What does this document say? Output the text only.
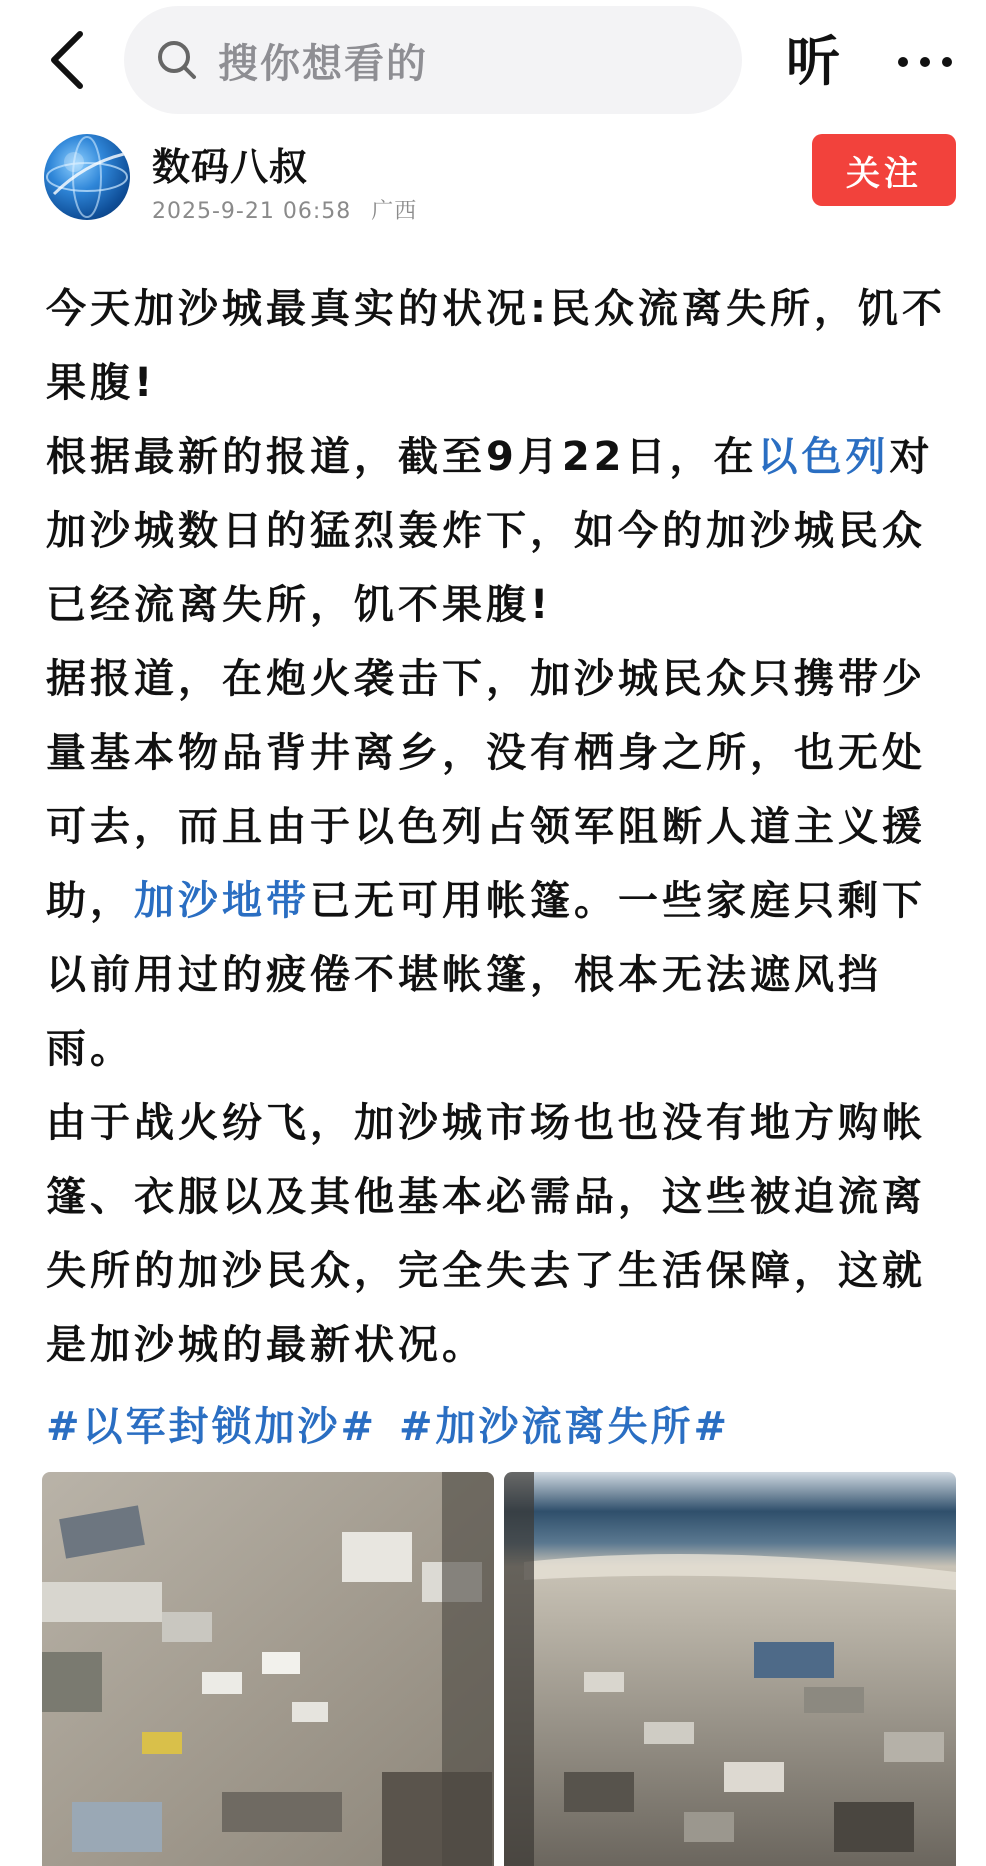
搜你想看的	听
数码八叔
2025-9-21 06:58 广西
关注

今天加沙城最真实的状况:民众流离失所，饥不果腹!

根据最新的报道，截至9月22日，在以色列对加沙城数日的猛烈轰炸下，如今的加沙城民众已经流离失所，饥不果腹!

据报道，在炮火袭击下，加沙城民众只携带少量基本物品背井离乡，没有栖身之所，也无处可去，而且由于以色列占领军阻断人道主义援助，加沙地带已无可用帐篷。一些家庭只剩下以前用过的疲倦不堪帐篷，根本无法遮风挡雨。

由于战火纷飞，加沙城市场也也没有地方购帐篷、衣服以及其他基本必需品，这些被迫流离失所的加沙民众，完全失去了生活保障，这就是加沙城的最新状况。

#以军封锁加沙# #加沙流离失所#
